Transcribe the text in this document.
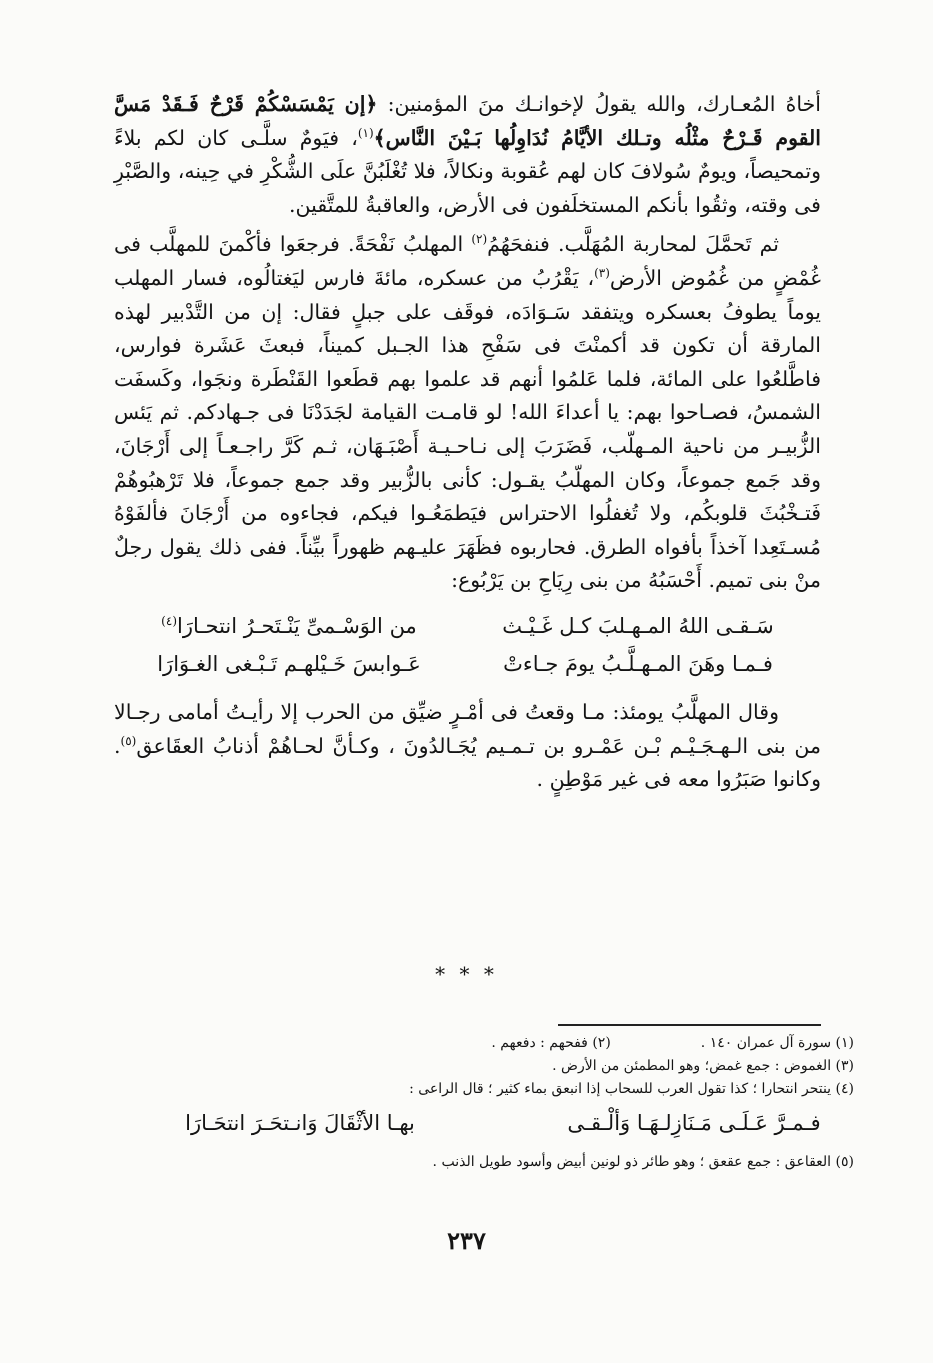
أخاهُ المُعـارك، والله يقولُ لإخوانـك منَ المؤمنين: ﴿إن يَمْسَسْكُمْ قَرْحٌ فَـقَدْ مَسَّ القوم قَـرْحٌ مثْلُه وتـلك الأيَّامُ نُدَاوِلُها بَـيْنَ النَّاس﴾$^{(١)}$، فيَومٌ سلَّـى كان لكم بلاءً وتمحيصاً، ويومٌ سُولافَ كان لهم عُقوبة ونكالاً، فلا تُغْلَبُنَّ علَى الشُّكْرِ في حِينه، والصَّبْرِ فى وقته، وثقُوا بأنكم المستخلَفون فى الأرض، والعاقبةُ للمتَّقين.

ثم تَحمَّلَ لمحاربة المُهَلَّب. فنفحَهُمُ$^{(٢)}$ المهلبُ نَفْحَةً. فرجعَوا فأكْمنَ للمهلَّب فى غُمْضٍ من غُمُوض الأرض$^{(٣)}$، يَقْرُبُ من عسكره، مائةَ فارس ليَغتالُوه، فسار المهلب يوماً يطوفُ بعسكره ويتفقد سَـوَادَه، فوقَف على جبلٍ فقال: إن من التَّدْبير لهذه المارقة أن تكون قد أكمنْتَ فى سَفْحِ هذا الجـبل كميناً، فبعثَ عَشَرة فوارس، فاطَّلعُوا على المائة، فلما عَلمُوا أنهم قد علموا بهم قطَعوا القَنْطَرة ونجَوا، وكَسفَت الشمسُ، فصـاحوا بهم: يا أعداءَ الله! لو قامـت القيامة لجَدَدْنَا فى جـهادكم. ثم يَئس الزُّبيـر من ناحية المـهلّب، فَضَرَبَ إلى نـاحـيـة أَصْبَـهَان، ثـم كَرَّ راجـعـاً إلى أَرْجَانَ، وقد جَمع جموعاً، وكان المهلّبُ يقـول: كأنى بالزُّبير وقد جمع جموعاً، فلا تَرْهبُوهُمْ فَتـخْبُثَ قلوبكُم، ولا تُغفلُوا الاحتراس فيَطمَعُـوا فيكم، فجاءوه من أَرْجَانَ فألفَوْهُ مُسـتَعِدا آخذاً بأفواه الطرق. فحاربوه فظَهَرَ عليـهم ظهوراً بيِّناً. ففى ذلك يقول رجلٌ منْ بنى تميم. أَحْسَبُهُ من بنى رِيَاحِ بن يَرْبُوع:

سَـقـى اللهُ المـهـلبَ كـل غَـيْـث
من الوَسْـمىِّ يَنْـتَحـرُ انتحـارَا$^{(٤)}$
فـمـا وهَنَ المـهـلَّـبُ يومَ جـاءتْ
عَـوابسَ خَـيْلهـم تَـبْـغى الغـوَارَا

وقال المهلَّبُ يومئذ: مـا وقعتُ فى أمْـرٍ ضيِّق من الحرب إلا رأيـتُ أمامى رجـالا من بنى الـهـجَـيْـم بْـن عَمْـرو بن تـمـيم يُجَـالدُونَ ، وكـأنَّ لحـاهُمْ أذنابُ العقَاعق$^{(٥)}$. وكانوا صَبَرُوا معه فى غير مَوْطِنٍ .

* * *
(١) سورة آل عمران ١٤٠ .
(٢) ففحهم : دفعهم .
(٣) الغموض : جمع غمض؛ وهو المطمئن من الأرض .
(٤) ينتحر انتحارا ؛ كذا تقول العرب للسحاب إذا انبعق بماء كثير ؛ قال الراعى :
فـمـرَّ عَـلَـى مَـنَازِلـهَـا وَألْـقـى
بهـا الأثْقَالَ وَانـتحَـرَ انتحَـارَا
(٥) العقاعق : جمع عقعق ؛ وهو طائر ذو لونين أبيض وأسود طويل الذنب .
٢٣٧
